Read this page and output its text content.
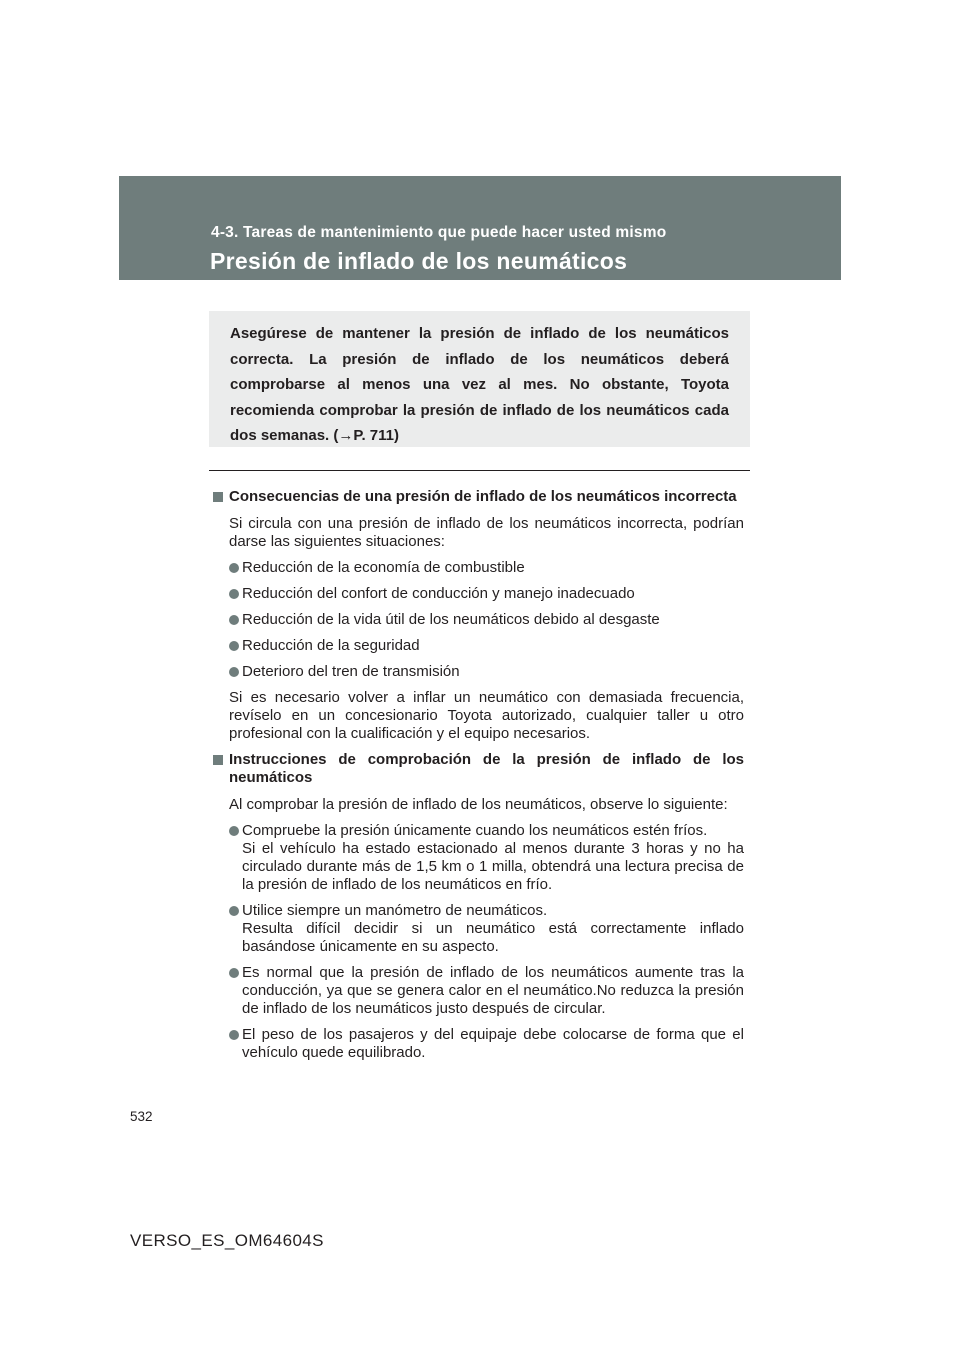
4-3. Tareas de mantenimiento que puede hacer usted mismo
Presión de inflado de los neumáticos

Asegúrese de mantener la presión de inflado de los neumáticos correcta. La presión de inflado de los neumáticos deberá comprobarse al menos una vez al mes. No obstante, Toyota recomienda comprobar la presión de inflado de los neumáticos cada dos semanas. (→P. 711)

Consecuencias de una presión de inflado de los neumáticos incorrecta
Si circula con una presión de inflado de los neumáticos incorrecta, podrían darse las siguientes situaciones:
Reducción de la economía de combustible
Reducción del confort de conducción y manejo inadecuado
Reducción de la vida útil de los neumáticos debido al desgaste
Reducción de la seguridad
Deterioro del tren de transmisión
Si es necesario volver a inflar un neumático con demasiada frecuencia, revíselo en un concesionario Toyota autorizado, cualquier taller u otro profesional con la cualificación y el equipo necesarios.
Instrucciones de comprobación de la presión de inflado de los neumáticos
Al comprobar la presión de inflado de los neumáticos, observe lo siguiente:
Compruebe la presión únicamente cuando los neumáticos estén fríos.
Si el vehículo ha estado estacionado al menos durante 3 horas y no ha circulado durante más de 1,5 km o 1 milla, obtendrá una lectura precisa de la presión de inflado de los neumáticos en frío.
Utilice siempre un manómetro de neumáticos.
Resulta difícil decidir si un neumático está correctamente inflado basándose únicamente en su aspecto.
Es normal que la presión de inflado de los neumáticos aumente tras la conducción, ya que se genera calor en el neumático.No reduzca la presión de inflado de los neumáticos justo después de circular.
El peso de los pasajeros y del equipaje debe colocarse de forma que el vehículo quede equilibrado.
532
VERSO_ES_OM64604S
